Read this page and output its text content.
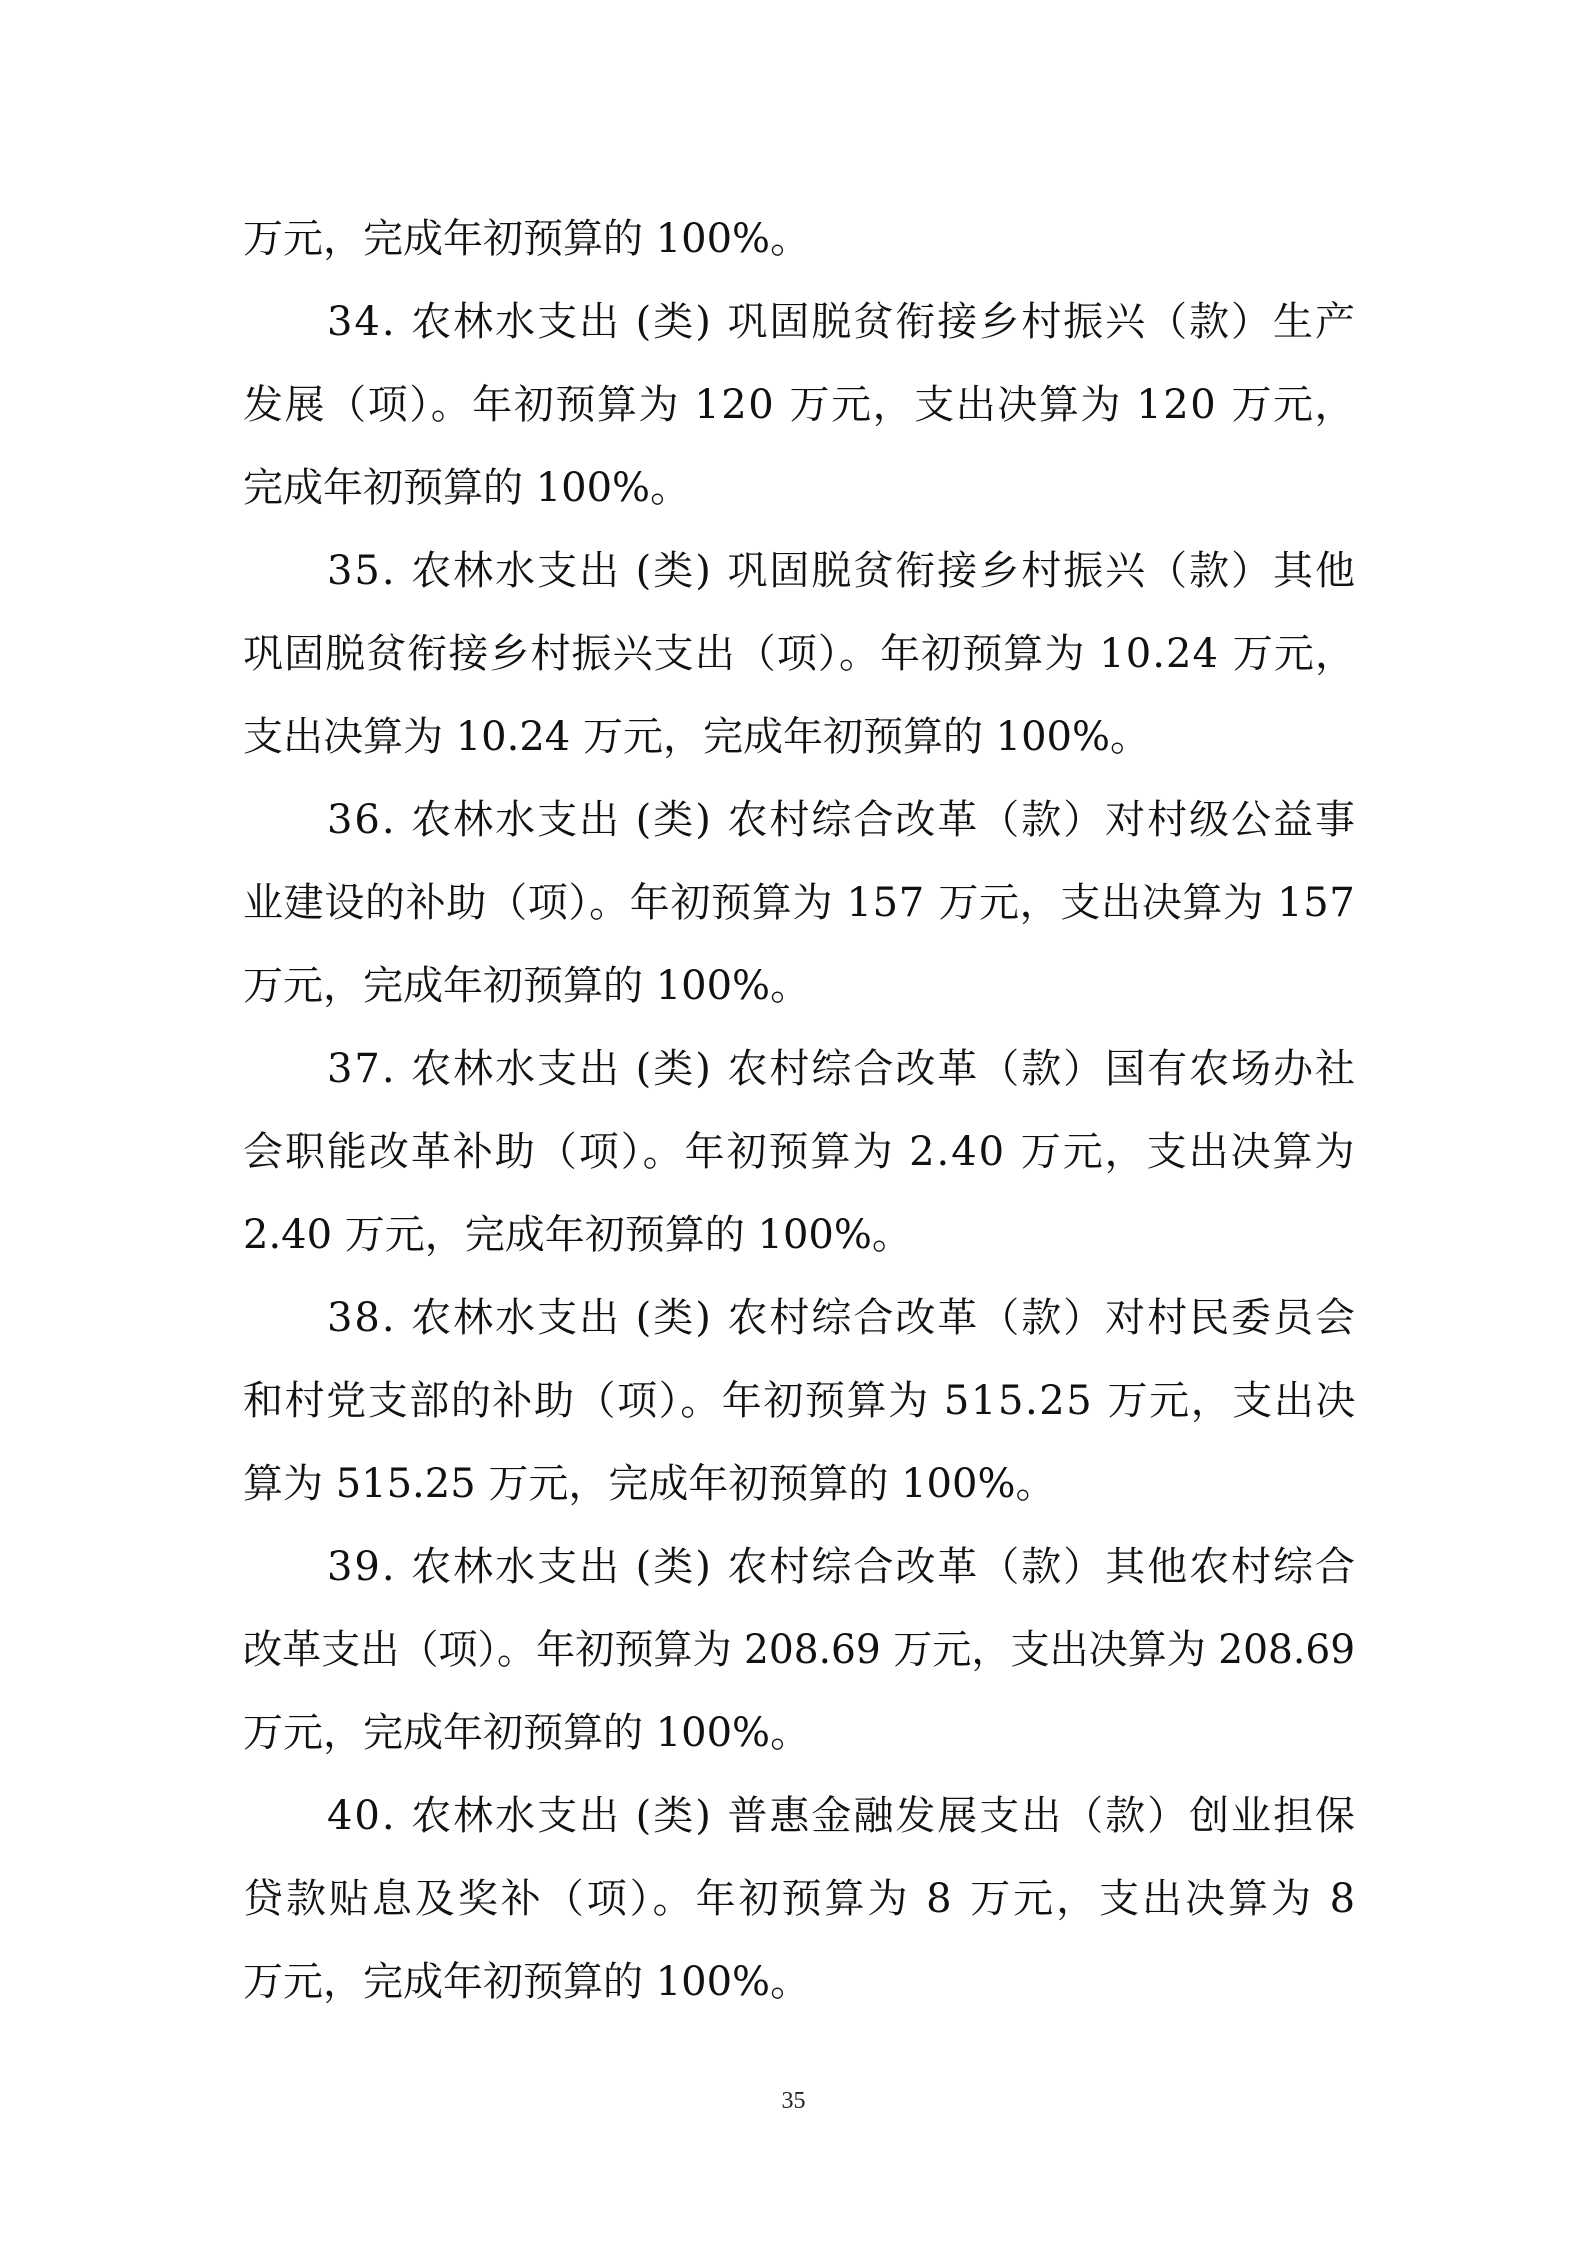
万元，完成年初预算的 100%。
34. 农林水支出 (类) 巩固脱贫衔接乡村振兴（款）生产
发展（项）。年初预算为 120 万元，支出决算为 120 万元，
完成年初预算的 100%。
35. 农林水支出 (类) 巩固脱贫衔接乡村振兴（款）其他
巩固脱贫衔接乡村振兴支出（项）。年初预算为 10.24 万元，
支出决算为 10.24 万元，完成年初预算的 100%。
36. 农林水支出 (类) 农村综合改革（款）对村级公益事
业建设的补助（项）。年初预算为 157 万元，支出决算为 157
万元，完成年初预算的 100%。
37. 农林水支出 (类) 农村综合改革（款）国有农场办社
会职能改革补助（项）。年初预算为 2.40 万元，支出决算为
2.40 万元，完成年初预算的 100%。
38. 农林水支出 (类) 农村综合改革（款）对村民委员会
和村党支部的补助（项）。年初预算为 515.25 万元，支出决
算为 515.25 万元，完成年初预算的 100%。
39. 农林水支出 (类) 农村综合改革（款）其他农村综合
改革支出（项）。年初预算为 208.69 万元，支出决算为 208.69
万元，完成年初预算的 100%。
40. 农林水支出 (类) 普惠金融发展支出（款）创业担保
贷款贴息及奖补（项）。年初预算为 8 万元，支出决算为 8
万元，完成年初预算的 100%。
35
